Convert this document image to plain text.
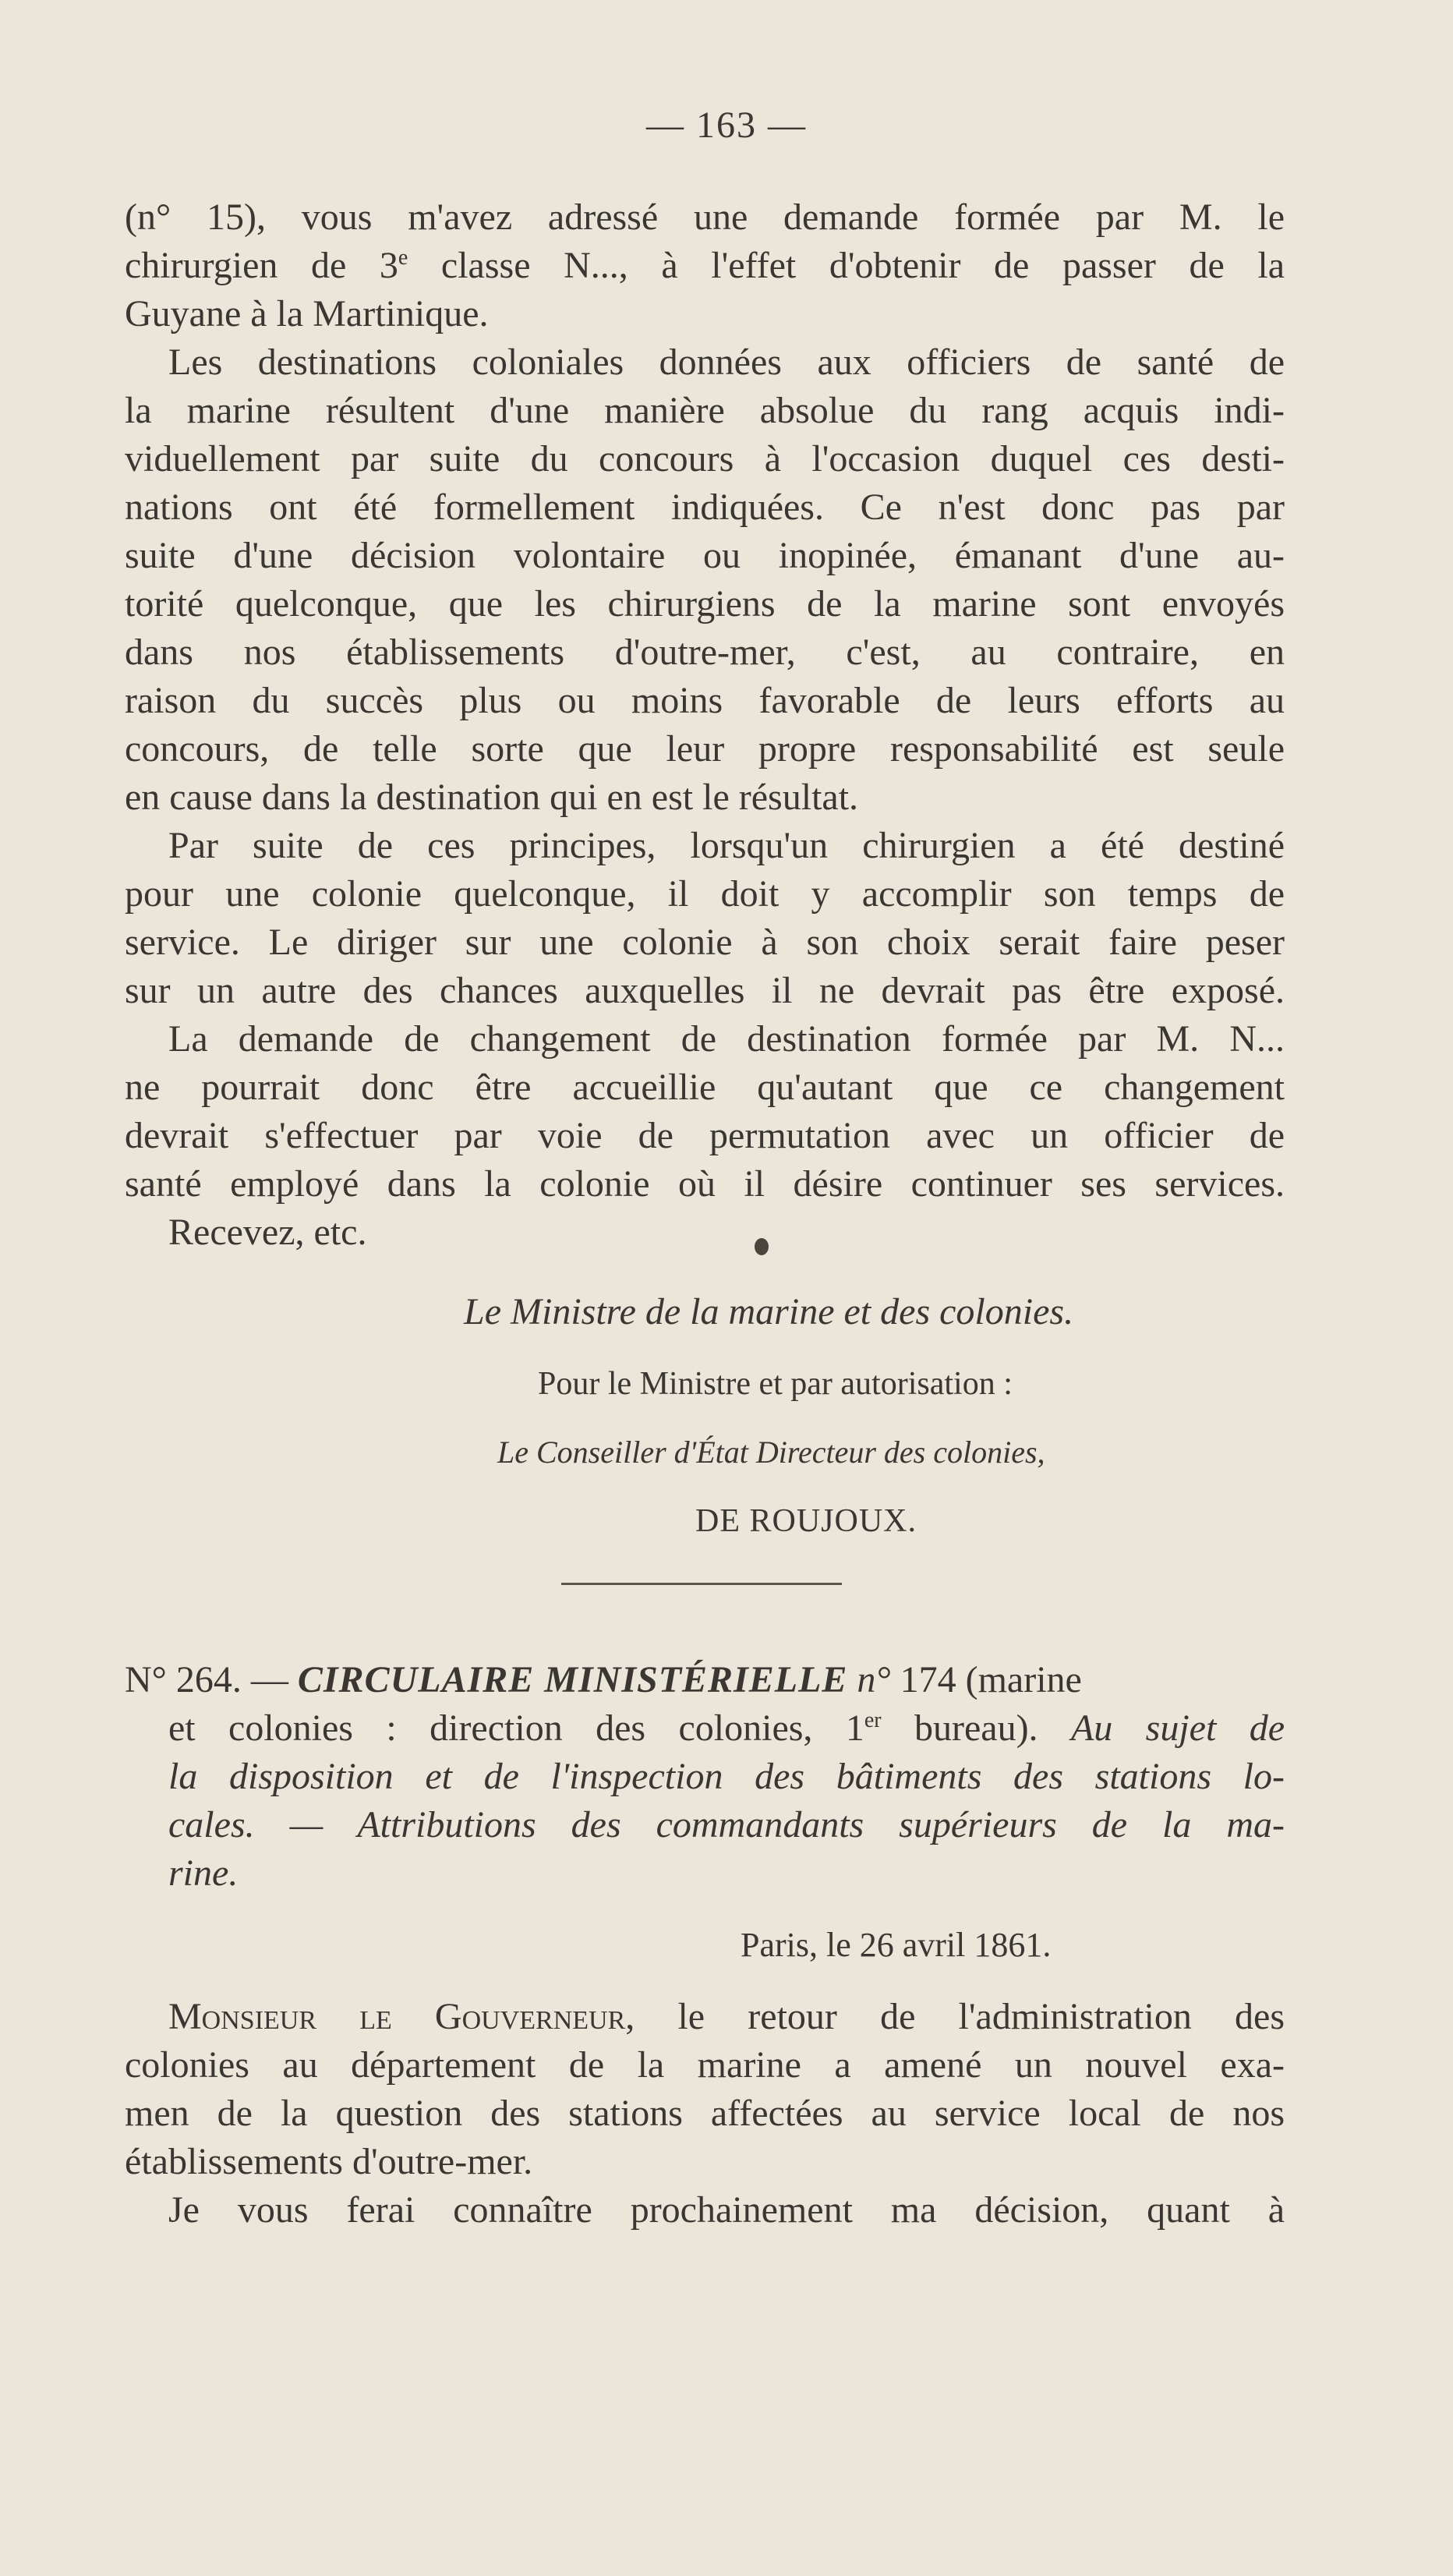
— 163 —
(n° 15), vous m'avez adressé une demande formée par M. le
chirurgien de 3e classe N..., à l'effet d'obtenir de passer de la
Guyane à la Martinique.
Les destinations coloniales données aux officiers de santé de
la marine résultent d'une manière absolue du rang acquis indi-
viduellement par suite du concours à l'occasion duquel ces desti-
nations ont été formellement indiquées. Ce n'est donc pas par
suite d'une décision volontaire ou inopinée, émanant d'une au-
torité quelconque, que les chirurgiens de la marine sont envoyés
dans nos établissements d'outre-mer, c'est, au contraire, en
raison du succès plus ou moins favorable de leurs efforts au
concours, de telle sorte que leur propre responsabilité est seule
en cause dans la destination qui en est le résultat.
Par suite de ces principes, lorsqu'un chirurgien a été destiné
pour une colonie quelconque, il doit y accomplir son temps de
service. Le diriger sur une colonie à son choix serait faire peser
sur un autre des chances auxquelles il ne devrait pas être exposé.
La demande de changement de destination formée par M. N...
ne pourrait donc être accueillie qu'autant que ce changement
devrait s'effectuer par voie de permutation avec un officier de
santé employé dans la colonie où il désire continuer ses services.
Recevez, etc.
Le Ministre de la marine et des colonies.
Pour le Ministre et par autorisation :
Le Conseiller d'État Directeur des colonies,
DE ROUJOUX.
N° 264. — CIRCULAIRE MINISTÉRIELLE n° 174 (marine
et colonies : direction des colonies, 1er bureau). Au sujet de
la disposition et de l'inspection des bâtiments des stations lo-
cales. — Attributions des commandants supérieurs de la ma-
rine.
Paris, le 26 avril 1861.
Monsieur le Gouverneur, le retour de l'administration des
colonies au département de la marine a amené un nouvel exa-
men de la question des stations affectées au service local de nos
établissements d'outre-mer.
Je vous ferai connaître prochainement ma décision, quant à
